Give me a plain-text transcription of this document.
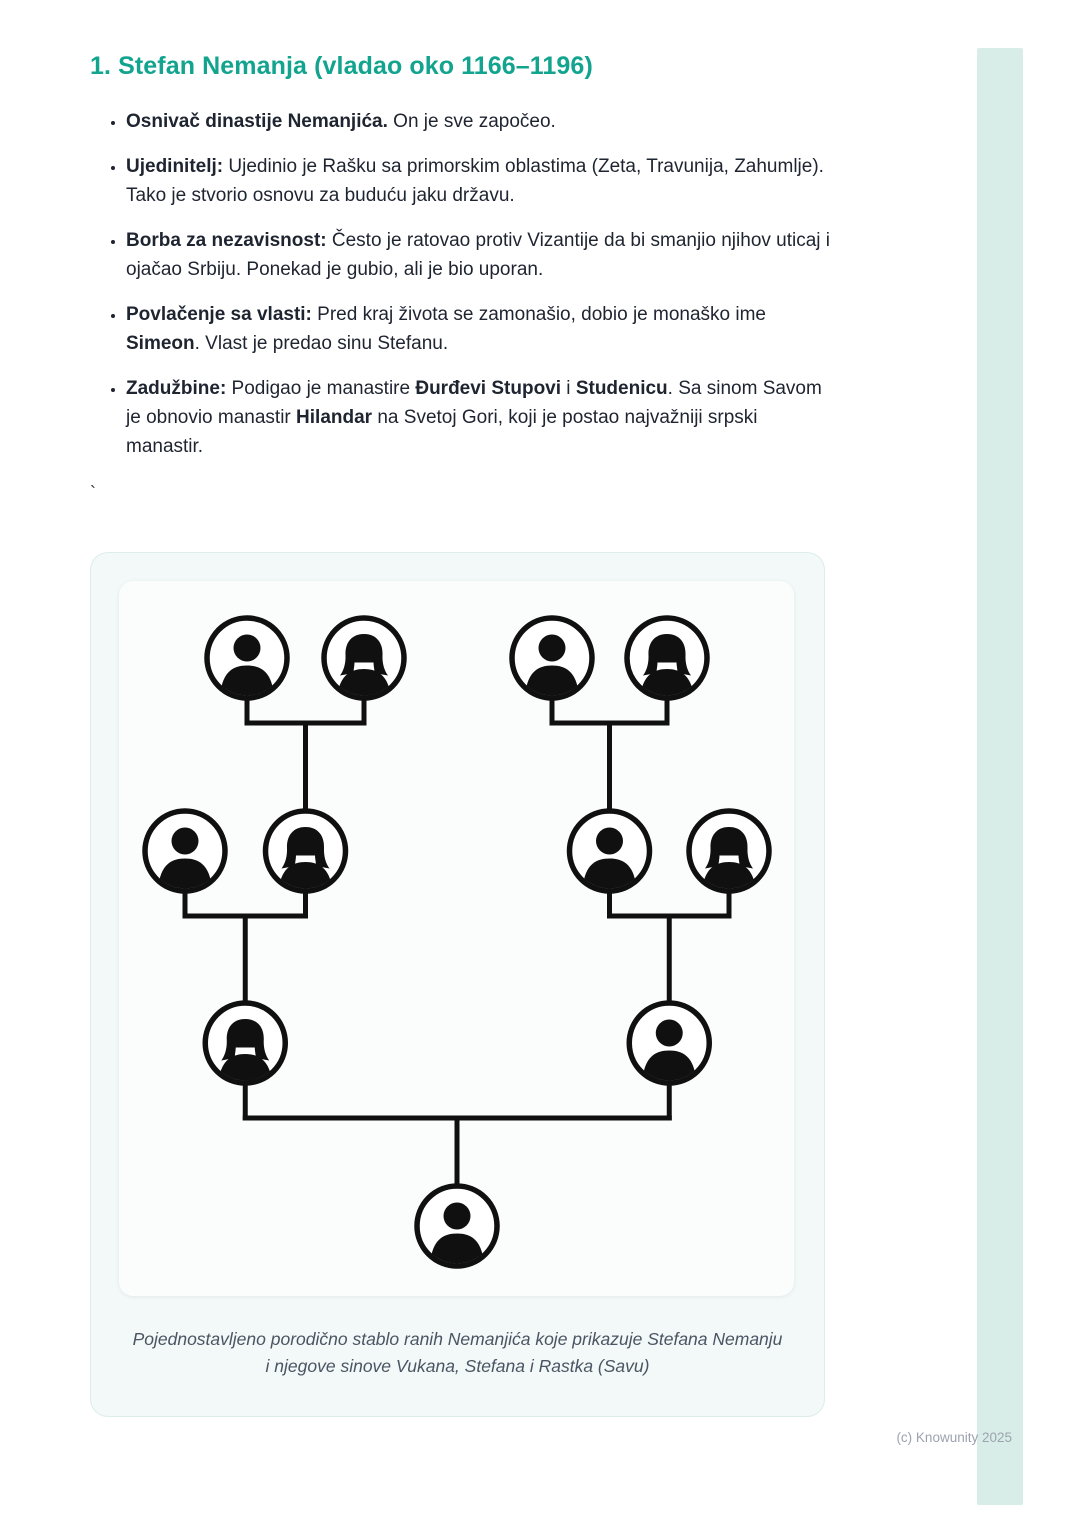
1. Stefan Nemanja (vladao oko 1166–1196)
• Osnivač dinastije Nemanjića. On je sve započeo.
• Ujedinitelj: Ujedinio je Rašku sa primorskim oblastima (Zeta, Travunija, Zahumlje). Tako je stvorio osnovu za buduću jaku državu.
• Borba za nezavisnost: Često je ratovao protiv Vizantije da bi smanjio njihov uticaj i ojačao Srbiju. Ponekad je gubio, ali je bio uporan.
• Povlačenje sa vlasti: Pred kraj života se zamonašio, dobio je monaško ime Simeon. Vlast je predao sinu Stefanu.
• Zadužbine: Podigao je manastire Đurđevi Stupovi i Studenicu. Sa sinom Savom je obnovio manastir Hilandar na Svetoj Gori, koji je postao najvažniji srpski manastir.
`
Pojednostavljeno porodično stablo ranih Nemanjića koje prikazuje Stefana Nemanju i njegove sinove Vukana, Stefana i Rastka (Savu)
(c) Knowunity 2025
